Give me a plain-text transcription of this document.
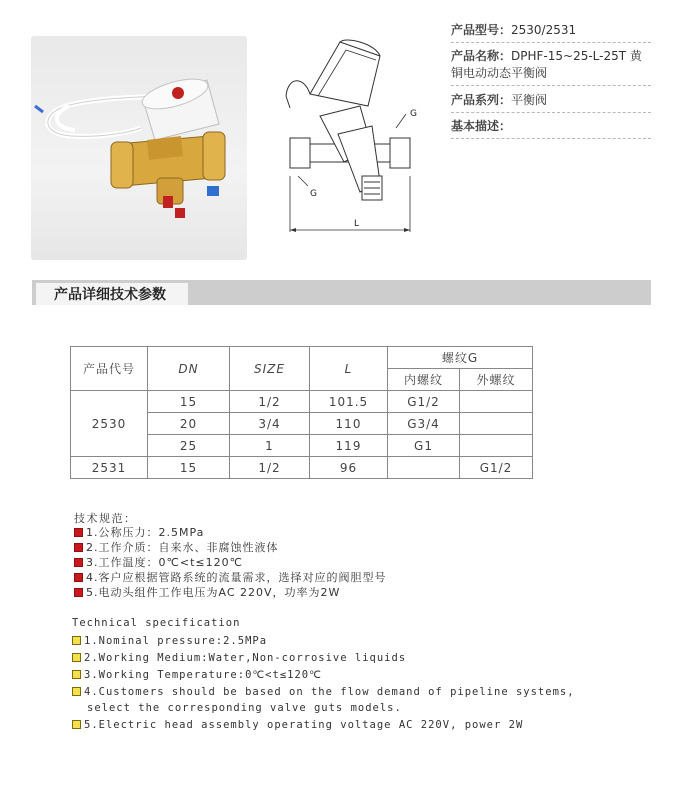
G
G
L
产品型号：2530/2531
产品名称：DPHF-15~25-L-25T 黄铜电动动态平衡阀
产品系列：平衡阀
基本描述：
产品详细技术参数
产品代号	DN	SIZE	L	螺纹G	
				内螺纹	外螺纹
2530	15	1/2	101.5	G1/2	
	20	3/4	110	G3/4	
	25	1	119	G1	
2531	15	1/2	96		G1/2
技术规范：
1.公称压力：2.5MPa
2.工作介质：自来水、非腐蚀性液体
3.工作温度：0℃<t≤120℃
4.客户应根据管路系统的流量需求，选择对应的阀胆型号
5.电动头组件工作电压为AC 220V，功率为2W
Technical specification
1.Nominal pressure:2.5MPa
2.Working Medium:Water,Non-corrosive liquids
3.Working Temperature:0℃<t≤120℃
4.Customers should be based on the flow demand of pipeline systems,
select the corresponding valve guts models.
5.Electric head assembly operating voltage AC 220V, power 2W
